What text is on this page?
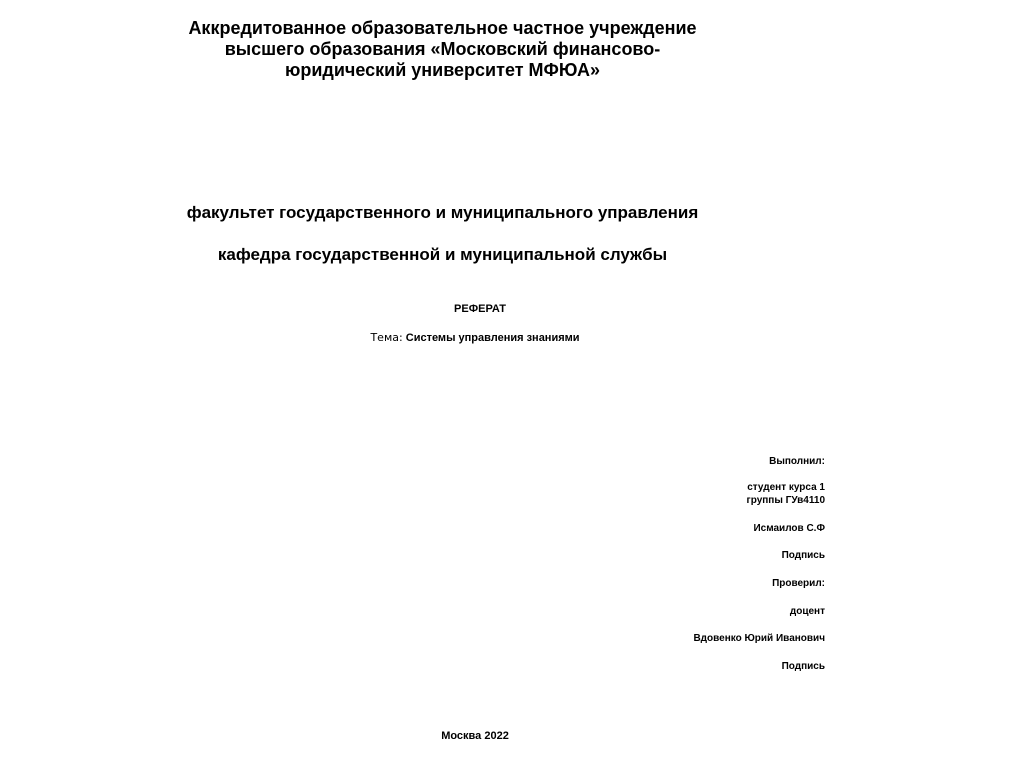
Аккредитованное образовательное частное учреждение
высшего образования «Московский финансово-
юридический университет МФЮА»
факультет государственного и муниципального управления
кафедра государственной и муниципальной службы
РЕФЕРАТ
Тема: Системы управления знаниями
Выполнил:
студент курса 1
группы ГУв4110
Исмаилов С.Ф
Подпись
Проверил:
доцент
Вдовенко Юрий Иванович
Подпись
Москва 2022
